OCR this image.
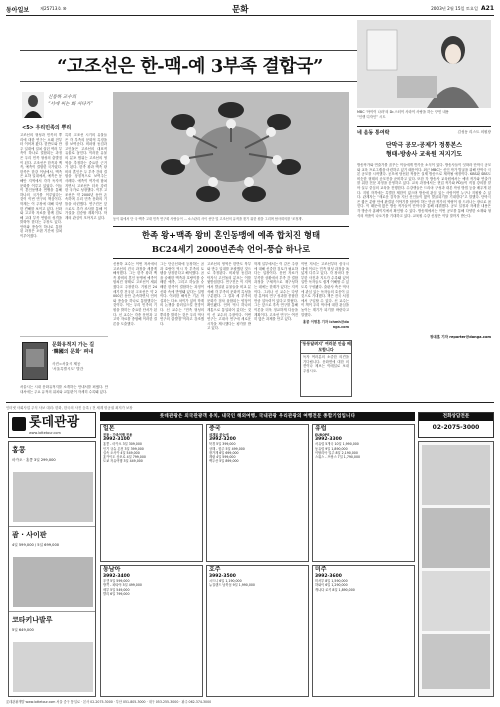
동아일보	제25713호 ⑩	문화	2003년 2월 15일 토요일 A21
“고조선은 한-맥-예 3부족 결합국”
신용하 교수의
“서에 씨는 화 사다가”
<5> 우리민족의 뿌리
고조선의 형성과 민족의 뿌리에 대한 연구는 오래 전부터 이어져 왔다. 한반도와 만주 일대에 걸쳐 살던 여러 부족이 하나로 결합되는 과정은 우리 민족 형성의 출발점이 된다. 고조선은 한족과 맥족, 예족이 결합한 국가였다. 한족은 한강 이남에서, 맥족은 요하 일대에서, 예족은 동해안 지역에서 각각 독자적 문화를 이루고 있었다. 이들이 혼인동맹과 연맹을 통해 하나의 국가를 이루었다는 것이 이번 연구의 핵심이다. 학계는 이 주장에 대해 다양한 견해를 보이고 있다. 신화와 고고학 자료를 함께 검토해 고대 부족 연합의 성격을 밝혀야 한다는 주장도 있다. 언어와 풍습이 하나로 통합된 과정은 오랜 기간에 걸쳐 이루어졌다.
특히 고조선 시기의 유물들은 각 부족의 문화적 특징을 잘 보여준다. 비파형 동검과 고인돌은 고조선의 대표적 유물로 꼽힌다. 이러한 유물의 분포 범위는 고조선의 영역을 추정하는 중요한 근거가 된다. 한족 왕과 맥족 왕비의 혼인은 두 부족 간의 결합을 상징적으로 보여주는 사례다. 예족이 여기에 합쳐지면서 고조선은 더욱 강력한 국가로 성장했다. 이후 고조선은 약 2000년 동안 존속하며 우리 민족 문화의 기틀을 마련했다. 연구진은 앞으로도 추가 조사를 통해 이 가설을 검증할 계획이다. 학계의 관심이 모아지고 있다.	동이 위에서 단 국·맥족 고대 민족 연구회 사람들이 ... 소스관리 사이 선단 및 고조선의 유적을 찾기 위한 원을 그리며 탐사회의를 '조정계'.
한족 왕+맥족 왕비 혼인동맹에 예족 합치진 형태
BC24세기 2000년존속 언어-풍습 하나로
신용하 교수는 이번 저서에서 고조선의 건국 과정을 새롭게 해석했다. 그는 한족 왕과 맥족 왕비의 혼인 동맹에 예족이 합쳐진 형태로 고조선이 세워졌다고 주장한다. 기원전 24세기경 건국된 고조선은 약 2000년 동안 존속하면서 언어와 풍습을 하나로 통합했다는 것이다. 이는 우리 민족의 기원을 밝히는 중요한 단서가 된다. 신 교수는 각종 문헌과 고고학 자료를 종합해 이러한 결론을 도출했다.
그는 단군신화에 등장하는 곰과 호랑이 역시 각 부족의 토템을 상징한다고 해석했다. 곰을 숭배한 맥족과 호랑이를 숭배한 예족, 그리고 하늘을 숭배한 한족이 결합하는 과정이 신화 속에 반영돼 있다는 설명이다. 이러한 해석은 기존 학설과는 다소 차이가 있어 학계의 논쟁을 불러일으킬 전망이다. 신 교수는 “민족 형성의 뿌리를 밝히는 것은 우리 역사 연구의 출발점”이라고 강조했다.
고조선의 영역은 한반도 북부와 만주 일대를 포괄했던 것으로 추정된다. 비파형 동검과 탁자식 고인돌의 분포는 이를 뒷받침한다. 연구진은 이 지역에서 발굴된 유물들을 비교 분석해 각 부족의 문화적 특성을 구분했다. 그 결과 세 부족의 문화가 점차 융합되는 양상이 확인됐다. 언어 역시 하나의 계통으로 통일되어 갔다는 것이 신 교수의 주장이다. 이번 연구는 고대사 연구에 새로운 시각을 제시했다는 평가를 받고 있다.
학계 일부에서는 이 같은 주장에 대해 신중한 검토가 필요하다는 입장이다. 문헌 자료가 부족한 상황에서 부족 간 결합 과정을 구체적으로 재구성하는 데에는 한계가 있다는 지적이다. 그러나 신 교수는 다양한 분야의 연구 성과를 종합한 만큼 설득력이 있다고 밝혔다. 그는 앞으로 후속 연구를 통해 이론을 더욱 정교하게 다듬을 계획이다. 고조선 연구는 여전히 많은 과제를 안고 있다.
이번 저서는 고조선부터 삼국시대에 이르는 민족 형성 과정을 폭넓게 다루고 있다. 각 장마다 풍부한 사진과 지도가 수록돼 있어 일반 독자들도 쉽게 이해할 수 있도록 구성됐다. 출판사 측은 역사에 관심 있는 독자들의 호응이 클 것으로 기대했다. 책은 전국 서점에서 구입할 수 있다. 신 교수는 이 책이 우리 역사에 대한 관심을 높이는 계기가 되기를 바란다고 말했다.
홍콩 이명훈 기자 ichmh@donga.com
문화유적지 가는 길
‘韓國의 문화’ 펴내
사진=서울시 제공
‘서울특별시도’ 발간
서울시는 시내 문화유적지를 소개하는 안내서를 펴냈다. 안내서에는 주요 유적의 위치와 교통편이 자세히 수록돼 있다.
MBC ‘아이이 나라’의 Dr.스터이 사라이 사랑을 하는 꾸민 내용
“인생 디자인” 시도
네 음동 통여락	김성동 리스트 의원장
단막극 공모-공제가 정통본스
형태-방송사 교육원 저지기도
방송작가와 연출가를 꿈꾸는 이들에게 반가운 소식이 있다. 방송사들이 잇따라 단막극 공모와 교육 프로그램을 마련하고 있기 때문이다. 최근 MBC는 신인 작가 발굴을 위해 단막극 극본 공모를 시작했다. 공모에 당선된 작품은 실제 방송으로 제작될 예정이다. KBS와 SBS도 비슷한 형태의 공모전을 준비하고 있다. 또한 각 방송사 교육원에서는 예비 작가와 연출가를 위한 전문 과정을 운영하고 있다. 교육 과정에서는 현업 작가와 PD들이 직접 강의를 맡아 실무 중심의 교육을 진행한다. 수강생들은 드라마 구성과 대본 작성 방법 등을 배우게 된다. 지원 자격에는 특별한 제한이 없으며 방송에 관심 있는 사람이면 누구나 지원할 수 있다. 관계자는 “새로운 감각을 지닌 신인들이 많이 발굴되기를 기대한다”고 말했다. 단막극은 짧은 분량 안에 완결된 이야기를 담아야 하는 만큼 작가의 역량이 잘 드러나는 장르로 꼽힌다. 이 때문에 많은 방송 작가들이 단막극을 통해 데뷔했다. 공모 일정과 자세한 내용은 각 방송사 홈페이지에서 확인할 수 있다. 방송계에서는 이번 공모를 통해 다양한 소재와 형식의 작품이 나오기를 기대하고 있다. 교육원 수강 신청은 이달 말까지 받는다.
‘동동달려지’ 여러분 안을 배모합니다
독자 여러분의 소중한 의견을 기다립니다. 문화면에 대한 의견이나 제보는 이메일로 보내 주십시오.
정대훈 기자 reporter@donga.com
인터넷 사회사업 주식 사보 대리: 한화, 한국의 사진 등록 / 전 세계 항공권 최저가 보장
롯데관광
www.lottetour.com
롯데관광은 외국관광객 유치, 내국인 해외여행, 국내관광 우리관광의 여행전문 종합기업입니다	전화상담전문
02-2075-3000
홍콩
마카오 · 홍콩 3일 299,000
괌 · 사이판
4일 599,000 / 5일 699,000
코타키나발루
5일 649,000
일본
전통 · 가족여행 전용
3992-3100
홍콩 - 마카오 3일 309,000
인기 규슈 온천 3일 399,000
실속 오사카 4일 549,000
홋카이도 삿포로 4일 799,000
도쿄 자유여행 3일 449,000
중국
세계를 한눈에
3992-3200
북경 5일 399,000
상해 - 항주 5일 499,000
장가계 6일 699,000
계림 4일 599,000
백두산 5일 899,000
유럽
EUROPE
3992-3300
서유럽 5개국 10일 1,990,000
동유럽 9일 1,890,000
이탈리아 일주 8일 2,190,000
스위스 - 프랑스 7일 1,790,000
동남아
3992-3400
푸켓 5일 599,000
방콕 - 파타야 5일 499,000
세부 5일 549,000
발리 6일 799,000
호주
3992-3500
시드니 6일 1,190,000
뉴질랜드 남북섬 9일 1,990,000
미주
3992-3600
미서부 8일 1,590,000
하와이 6일 1,290,000
캐나다 로키 8일 1,890,000
롯데관광개발 www.lottetour.com 서울 중구 통일로 · 본사 02-2075-3000 · 부산 051-805-3000 · 대구 053-255-3000 · 광주 062-374-3000
